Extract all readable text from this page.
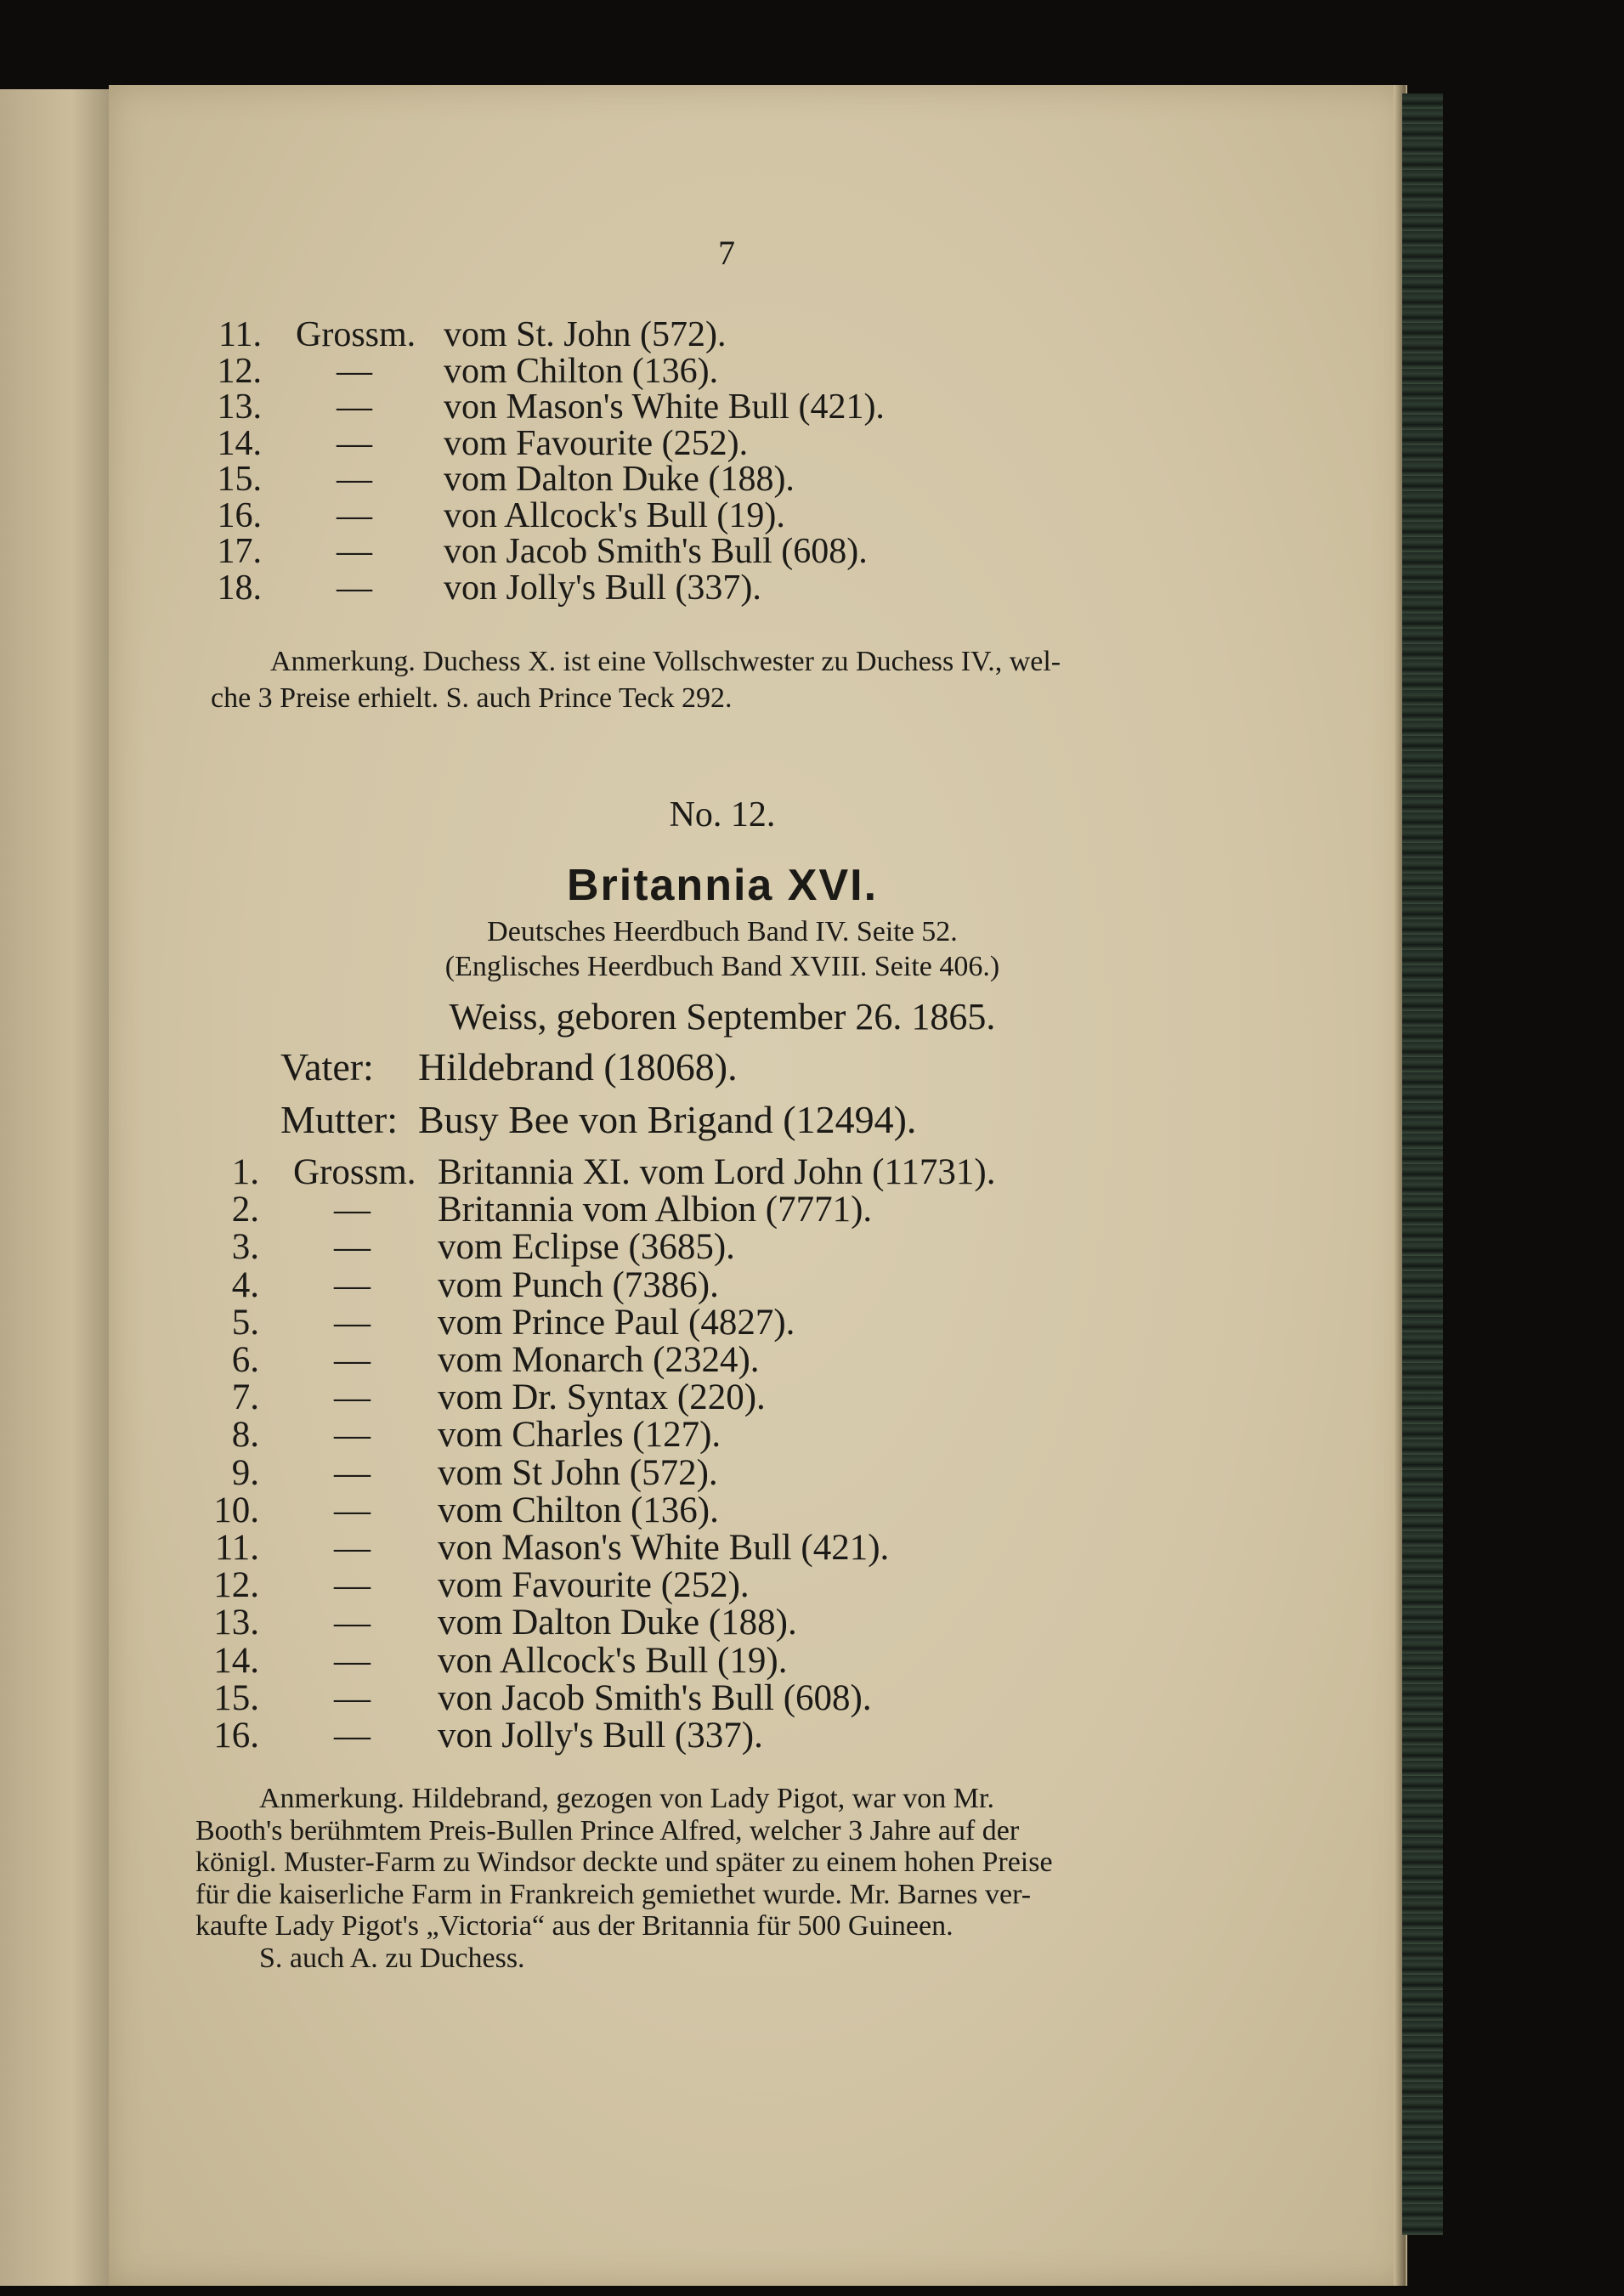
7
11. Grossm. vom St. John (572).
12. — vom Chilton (136).
13. — von Mason's White Bull (421).
14. — vom Favourite (252).
15. — vom Dalton Duke (188).
16. — von Allcock's Bull (19).
17. — von Jacob Smith's Bull (608).
18. — von Jolly's Bull (337).
Anmerkung. Duchess X. ist eine Vollschwester zu Duchess IV., wel-
che 3 Preise erhielt. S. auch Prince Teck 292.
No. 12.
Britannia XVI.
Deutsches Heerdbuch Band IV. Seite 52.
(Englisches Heerdbuch Band XVIII. Seite 406.)
Weiss, geboren September 26. 1865.
Vater: Hildebrand (18068).
Mutter: Busy Bee von Brigand (12494).
1. Grossm. Britannia XI. vom Lord John (11731).
2. — Britannia vom Albion (7771).
3. — vom Eclipse (3685).
4. — vom Punch (7386).
5. — vom Prince Paul (4827).
6. — vom Monarch (2324).
7. — vom Dr. Syntax (220).
8. — vom Charles (127).
9. — vom St John (572).
10. — vom Chilton (136).
11. — von Mason's White Bull (421).
12. — vom Favourite (252).
13. — vom Dalton Duke (188).
14. — von Allcock's Bull (19).
15. — von Jacob Smith's Bull (608).
16. — von Jolly's Bull (337).
Anmerkung. Hildebrand, gezogen von Lady Pigot, war von Mr.
Booth's berühmtem Preis-Bullen Prince Alfred, welcher 3 Jahre auf der
königl. Muster-Farm zu Windsor deckte und später zu einem hohen Preise
für die kaiserliche Farm in Frankreich gemiethet wurde. Mr. Barnes ver-
kaufte Lady Pigot's „Victoria“ aus der Britannia für 500 Guineen.
S. auch A. zu Duchess.
